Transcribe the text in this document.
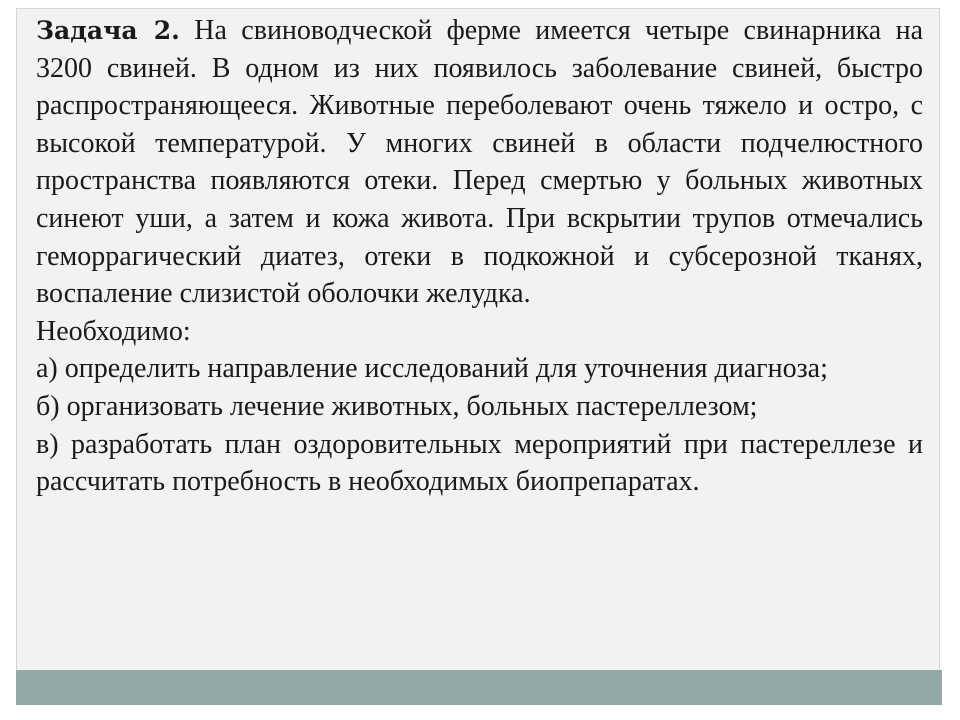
Задача 2. На свиноводческой ферме имеется четыре свинарника на 3200 свиней. В одном из них появилось заболевание свиней, быстро распространяющееся. Животные переболевают очень тяжело и остро, с высокой температурой. У многих свиней в области подчелюстного пространства появляются отеки. Перед смертью у больных животных синеют уши, а затем и кожа живота. При вскрытии трупов отмечались геморрагический диатез, отеки в подкожной и субсерозной тканях, воспаление слизистой оболочки желудка.

Необходимо:

а) определить направление исследований для уточнения диагноза;

б) организовать лечение животных, больных пастереллезом;

в) разработать план оздоровительных мероприятий при пастереллезе и рассчитать потребность в необходимых биопрепаратах.
